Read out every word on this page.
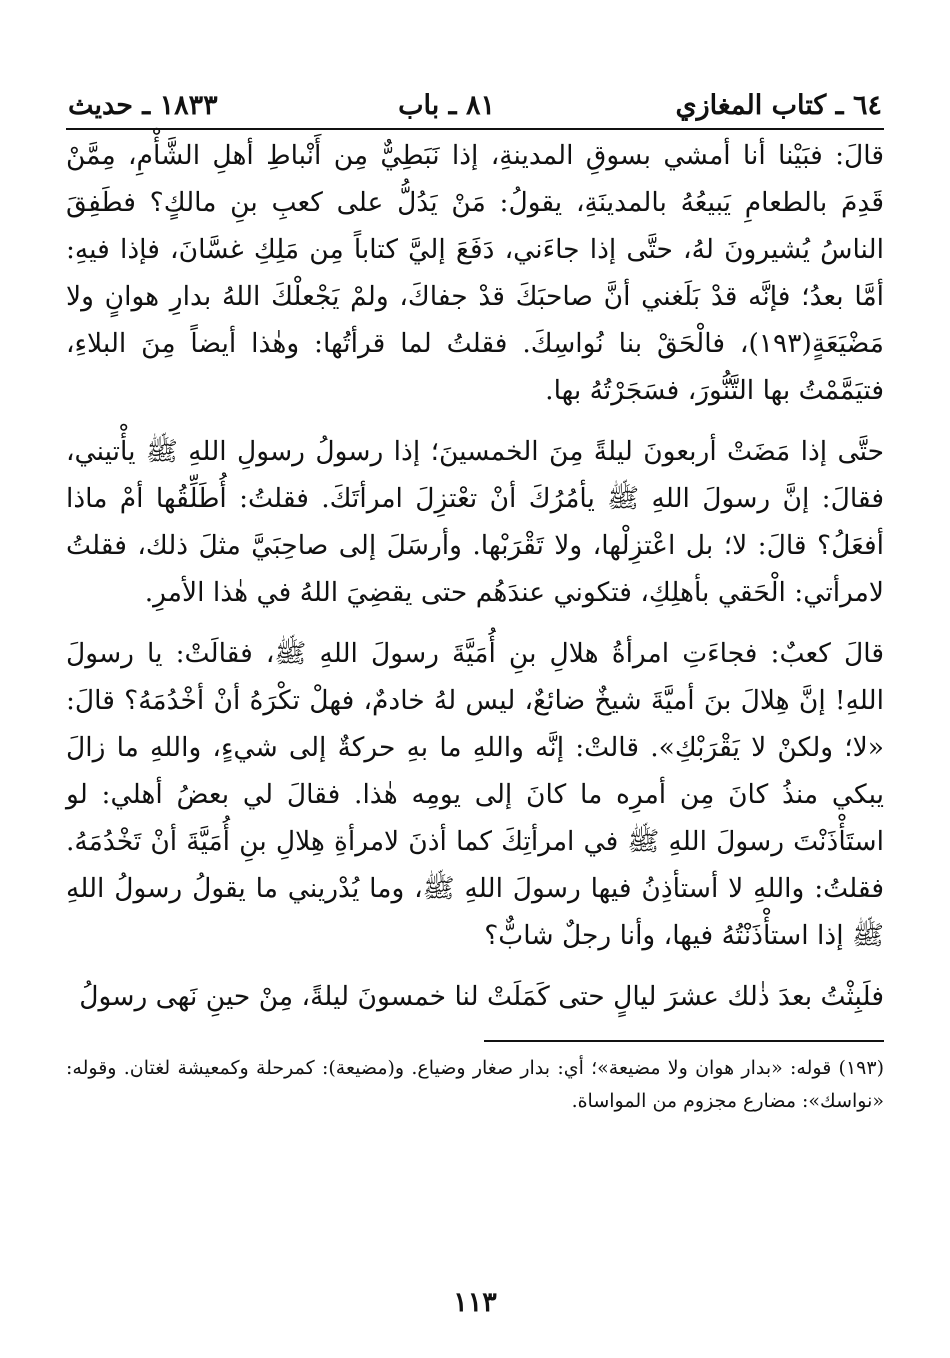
٦٤ ـ كتاب المغازي
٨١ ـ باب
١٨٣٣ ـ حديث

قالَ: فبَيْنا أنا أمشي بسوقِ المدينةِ، إذا نَبَطِيٌّ مِن أَنْباطِ أهلِ الشَّأْمِ، مِمَّنْ قَدِمَ بالطعامِ يَبيعُهُ بالمدينَةِ، يقولُ: مَنْ يَدُلُّ على كعبِ بنِ مالكٍ؟ فطَفِقَ الناسُ يُشيرونَ لهُ، حتَّى إذا جاءَني، دَفَعَ إليَّ كتاباً مِن مَلِكِ غسَّانَ، فإذا فيهِ: أمَّا بعدُ؛ فإنَّه قدْ بَلَغني أنَّ صاحبَكَ قدْ جفاكَ، ولمْ يَجْعلْكَ اللهُ بدارِ هوانٍ ولا مَضْيَعَةٍ(١٩٣)، فالْحَقْ بنا نُواسِكَ. فقلتُ لما قرأتُها: وهٰذا أيضاً مِنَ البلاءِ، فتيَمَّمْتُ بها التَّنُّورَ، فسَجَرْتُهُ بها.

حتَّى إذا مَضَتْ أربعونَ ليلةً مِنَ الخمسينَ؛ إذا رسولُ رسولِ اللهِ ﷺ يأْتيني، فقالَ: إنَّ رسولَ اللهِ ﷺ يأمُرُكَ أنْ تعْتزِلَ امرأتَكَ. فقلتُ: أُطَلِّقُها أمْ ماذا أفعَلُ؟ قالَ: لا؛ بل اعْتزِلْها، ولا تَقْرَبْها. وأرسَلَ إلى صاحِبَيَّ مثلَ ذلك، فقلتُ لامرأتي: الْحَقي بأهلِكِ، فتكوني عندَهُم حتى يقضِيَ اللهُ في هٰذا الأمرِ.

قالَ كعبٌ: فجاءَتِ امرأةُ هلالِ بنِ أُمَيَّةَ رسولَ اللهِ ﷺ، فقالَتْ: يا رسولَ اللهِ! إنَّ هِلالَ بنَ أميَّةَ شيخٌ ضائعٌ، ليس لهُ خادمٌ، فهلْ تكْرَهُ أنْ أخْدُمَهُ؟ قالَ: «لا؛ ولكنْ لا يَقْرَبْكِ». قالتْ: إنَّه واللهِ ما بهِ حركةٌ إلى شيءٍ، واللهِ ما زالَ يبكي منذُ كانَ مِن أمرِه ما كانَ إلى يومِه هٰذا. فقالَ لي بعضُ أهلي: لو استَأْذَنْتَ رسولَ اللهِ ﷺ في امرأتِكَ كما أذنَ لامرأةِ هِلالِ بنِ أُمَيَّةَ أنْ تَخْدُمَهُ. فقلتُ: واللهِ لا أستأذِنُ فيها رسولَ اللهِ ﷺ، وما يُدْريني ما يقولُ رسولُ اللهِ ﷺ إذا استأْذَنْتُهُ فيها، وأنا رجلٌ شابٌّ؟

فلَبِثْتُ بعدَ ذٰلك عشرَ ليالٍ حتى كَمَلَتْ لنا خمسونَ ليلةً، مِنْ حينِ نَهى رسولُ

(١٩٣) قوله: «بدار هوان ولا مضيعة»؛ أي: بدار صغار وضياع. و(مضيعة): كمرحلة وكمعيشة لغتان. وقوله: «نواسك»: مضارع مجزوم من المواساة.

١١٣
